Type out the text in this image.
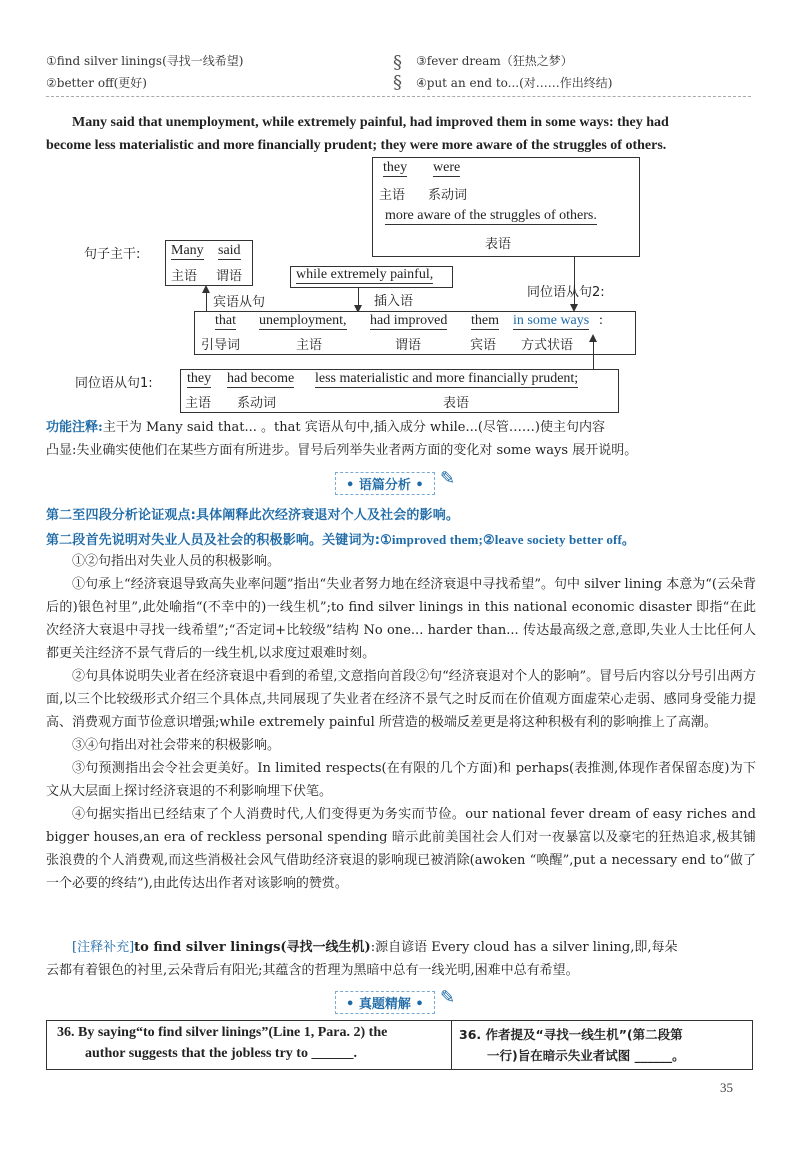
①find silver linings(寻找一线希望)
②better off(更好)
§
§
③fever dream（狂热之梦）
④put an end to...(对……作出终结)
Many said that unemployment, while extremely painful, had improved them in some ways: they had
become less materialistic and more financially prudent; they were more aware of the struggles of others.
they were
主语 系动词
more aware of the struggles of others.
表语
句子主干: Many said
主语 谓语
宾语从句
while extremely painful,
插入语
同位语从句2:
that
引导词
unemployment,
主语
had improved
谓语
them
宾语
in some ways :
方式状语
同位语从句1: they had become less materialistic and more financially prudent;
主语 系动词	表语
功能注释:主干为 Many said that... 。that 宾语从句中,插入成分 while...(尽管……)使主句内容
凸显:失业确实使他们在某些方面有所进步。冒号后列举失业者两方面的变化对 some ways 展开说明。
• 语篇分析 • ✎
第二至四段分析论证观点:具体阐释此次经济衰退对个人及社会的影响。
第二段首先说明对失业人员及社会的积极影响。关键词为:①improved them;②leave society better off。

①②句指出对失业人员的积极影响。

①句承上“经济衰退导致高失业率问题”指出“失业者努力地在经济衰退中寻找希望”。句中 silver lining 本意为“(云朵背后的)银色衬里”,此处喻指“(不幸中的)一线生机”;to find silver linings in this national economic disaster 即指“在此次经济大衰退中寻找一线希望”;“否定词+比较级”结构 No one... harder than... 传达最高级之意,意即,失业人士比任何人都更关注经济不景气背后的一线生机,以求度过艰难时刻。

②句具体说明失业者在经济衰退中看到的希望,文意指向首段②句“经济衰退对个人的影响”。冒号后内容以分号引出两方面,以三个比较级形式介绍三个具体点,共同展现了失业者在经济不景气之时反而在价值观方面虚荣心走弱、感同身受能力提高、消费观方面节俭意识增强;while extremely painful 所营造的极端反差更是将这种积极有利的影响推上了高潮。

③④句指出对社会带来的积极影响。

③句预测指出会令社会更美好。In limited respects(在有限的几个方面)和 perhaps(表推测,体现作者保留态度)为下文从大层面上探讨经济衰退的不利影响埋下伏笔。

④句据实指出已经结束了个人消费时代,人们变得更为务实而节俭。our national fever dream of easy riches and bigger houses,an era of reckless personal spending 暗示此前美国社会人们对一夜暴富以及豪宅的狂热追求,极其铺张浪费的个人消费观,而这些消极社会风气借助经济衰退的影响现已被消除(awoken “唤醒”,put a necessary end to“做了一个必要的终结”),由此传达出作者对该影响的赞赏。

[注释补充]to find silver linings(寻找一线生机):源自谚语 Every cloud has a silver lining,即,每朵
云都有着银色的衬里,云朵背后有阳光;其蕴含的哲理为黑暗中总有一线光明,困难中总有希望。
• 真题精解 • ✎
36. By saying“to find silver linings”(Line 1, Para. 2) the
author suggests that the jobless try to ______.
36. 作者提及“寻找一线生机”(第二段第
一行)旨在暗示失业者试图 ______。
35
